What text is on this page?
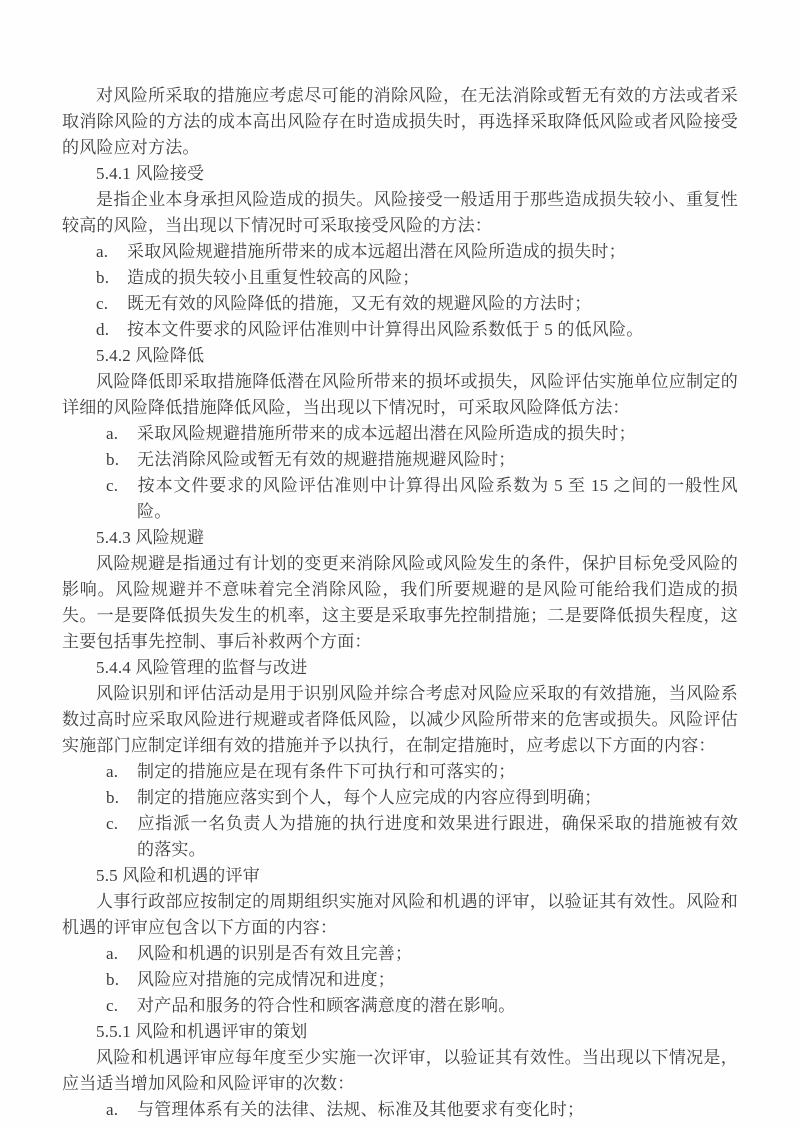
对风险所采取的措施应考虑尽可能的消除风险，在无法消除或暂无有效的方法或者采取消除风险的方法的成本高出风险存在时造成损失时，再选择采取降低风险或者风险接受的风险应对方法。
5.4.1 风险接受
是指企业本身承担风险造成的损失。风险接受一般适用于那些造成损失较小、重复性较高的风险，当出现以下情况时可采取接受风险的方法：
a. 采取风险规避措施所带来的成本远超出潜在风险所造成的损失时；
b. 造成的损失较小且重复性较高的风险；
c. 既无有效的风险降低的措施，又无有效的规避风险的方法时；
d. 按本文件要求的风险评估准则中计算得出风险系数低于 5 的低风险。
5.4.2 风险降低
风险降低即采取措施降低潜在风险所带来的损坏或损失，风险评估实施单位应制定的详细的风险降低措施降低风险，当出现以下情况时，可采取风险降低方法：
a. 采取风险规避措施所带来的成本远超出潜在风险所造成的损失时；
b. 无法消除风险或暂无有效的规避措施规避风险时；
c. 按本文件要求的风险评估准则中计算得出风险系数为 5 至 15 之间的一般性风险。
5.4.3 风险规避
风险规避是指通过有计划的变更来消除风险或风险发生的条件，保护目标免受风险的影响。风险规避并不意味着完全消除风险，我们所要规避的是风险可能给我们造成的损失。一是要降低损失发生的机率，这主要是采取事先控制措施；二是要降低损失程度，这主要包括事先控制、事后补救两个方面：
5.4.4 风险管理的监督与改进
风险识别和评估活动是用于识别风险并综合考虑对风险应采取的有效措施，当风险系数过高时应采取风险进行规避或者降低风险，以减少风险所带来的危害或损失。风险评估实施部门应制定详细有效的措施并予以执行，在制定措施时，应考虑以下方面的内容：
a. 制定的措施应是在现有条件下可执行和可落实的；
b. 制定的措施应落实到个人，每个人应完成的内容应得到明确；
c. 应指派一名负责人为措施的执行进度和效果进行跟进，确保采取的措施被有效的落实。
5.5 风险和机遇的评审
人事行政部应按制定的周期组织实施对风险和机遇的评审，以验证其有效性。风险和机遇的评审应包含以下方面的内容：
a. 风险和机遇的识别是否有效且完善；
b. 风险应对措施的完成情况和进度；
c. 对产品和服务的符合性和顾客满意度的潜在影响。
5.5.1 风险和机遇评审的策划
风险和机遇评审应每年度至少实施一次评审，以验证其有效性。当出现以下情况是，应当适当增加风险和风险评审的次数：
a. 与管理体系有关的法律、法规、标准及其他要求有变化时；
